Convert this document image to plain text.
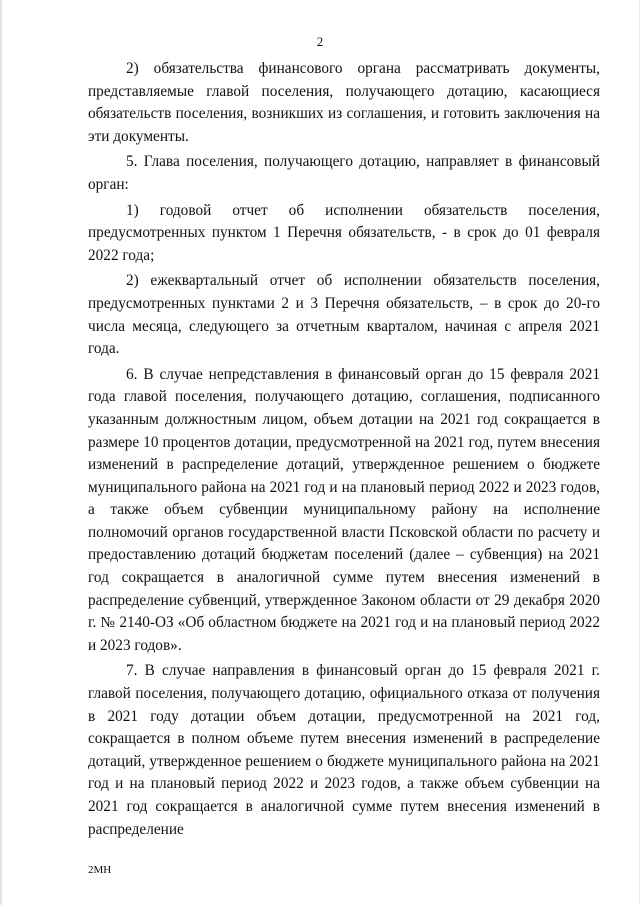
2

2) обязательства финансового органа рассматривать документы, представляемые главой поселения, получающего дотацию, касающиеся обязательств поселения, возникших из соглашения, и готовить заключения на эти документы.

5. Глава поселения, получающего дотацию, направляет в финансовый орган:

1) годовой отчет об исполнении обязательств поселения, предусмотренных пунктом 1 Перечня обязательств, - в срок до 01 февраля 2022 года;

2) ежеквартальный отчет об исполнении обязательств поселения, предусмотренных пунктами 2 и 3 Перечня обязательств, – в срок до 20-го числа месяца, следующего за отчетным кварталом, начиная с апреля 2021 года.

6. В случае непредставления в финансовый орган до 15 февраля 2021 года главой поселения, получающего дотацию, соглашения, подписанного указанным должностным лицом, объем дотации на 2021 год сокращается в размере 10 процентов дотации, предусмотренной на 2021 год, путем внесения изменений в распределение дотаций, утвержденное решением о бюджете муниципального района на 2021 год и на плановый период 2022 и 2023 годов, а также объем субвенции муниципальному району на исполнение полномочий органов государственной власти Псковской области по расчету и предоставлению дотаций бюджетам поселений (далее – субвенция) на 2021 год сокращается в аналогичной сумме путем внесения изменений в распределение субвенций, утвержденное Законом области от 29 декабря 2020 г. № 2140-ОЗ «Об областном бюджете на 2021 год и на плановый период 2022 и 2023 годов».

7. В случае направления в финансовый орган до 15 февраля 2021 г. главой поселения, получающего дотацию, официального отказа от получения в 2021 году дотации объем дотации, предусмотренной на 2021 год, сокращается в полном объеме путем внесения изменений в распределение дотаций, утвержденное решением о бюджете муниципального района на 2021 год и на плановый период 2022 и 2023 годов, а также объем субвенции на 2021 год сокращается в аналогичной сумме путем внесения изменений в распределение

2МН
